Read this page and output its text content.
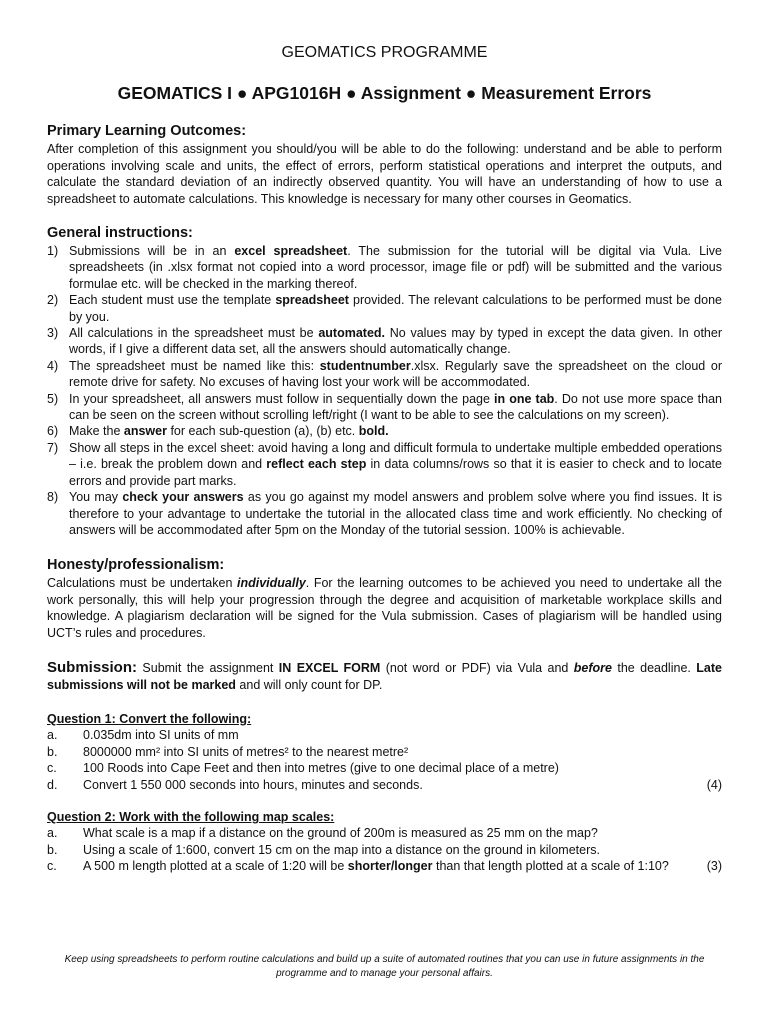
GEOMATICS PROGRAMME
GEOMATICS I ● APG1016H ● Assignment ● Measurement Errors
Primary Learning Outcomes:
After completion of this assignment you should/you will be able to do the following: understand and be able to perform operations involving scale and units, the effect of errors, perform statistical operations and interpret the outputs, and calculate the standard deviation of an indirectly observed quantity. You will have an understanding of how to use a spreadsheet to automate calculations. This knowledge is necessary for many other courses in Geomatics.
General instructions:
1) Submissions will be in an excel spreadsheet. The submission for the tutorial will be digital via Vula. Live spreadsheets (in .xlsx format not copied into a word processor, image file or pdf) will be submitted and the various formulae etc. will be checked in the marking thereof.
2) Each student must use the template spreadsheet provided. The relevant calculations to be performed must be done by you.
3) All calculations in the spreadsheet must be automated. No values may by typed in except the data given. In other words, if I give a different data set, all the answers should automatically change.
4) The spreadsheet must be named like this: studentnumber.xlsx. Regularly save the spreadsheet on the cloud or remote drive for safety. No excuses of having lost your work will be accommodated.
5) In your spreadsheet, all answers must follow in sequentially down the page in one tab. Do not use more space than can be seen on the screen without scrolling left/right (I want to be able to see the calculations on my screen).
6) Make the answer for each sub-question (a), (b) etc. bold.
7) Show all steps in the excel sheet: avoid having a long and difficult formula to undertake multiple embedded operations – i.e. break the problem down and reflect each step in data columns/rows so that it is easier to check and to locate errors and provide part marks.
8) You may check your answers as you go against my model answers and problem solve where you find issues. It is therefore to your advantage to undertake the tutorial in the allocated class time and work efficiently. No checking of answers will be accommodated after 5pm on the Monday of the tutorial session. 100% is achievable.
Honesty/professionalism:
Calculations must be undertaken individually. For the learning outcomes to be achieved you need to undertake all the work personally, this will help your progression through the degree and acquisition of marketable workplace skills and knowledge. A plagiarism declaration will be signed for the Vula submission. Cases of plagiarism will be handled using UCT’s rules and procedures.
Submission: Submit the assignment IN EXCEL FORM (not word or PDF) via Vula and before the deadline. Late submissions will not be marked and will only count for DP.
Question 1: Convert the following:
a. 0.035dm into SI units of mm
b. 8000000 mm² into SI units of metres² to the nearest metre²
c. 100 Roods into Cape Feet and then into metres (give to one decimal place of a metre)
d. Convert 1 550 000 seconds into hours, minutes and seconds.	(4)
Question 2: Work with the following map scales:
a. What scale is a map if a distance on the ground of 200m is measured as 25 mm on the map?
b. Using a scale of 1:600, convert 15 cm on the map into a distance on the ground in kilometers.
c. A 500 m length plotted at a scale of 1:20 will be shorter/longer than that length plotted at a scale of 1:10?	(3)
Keep using spreadsheets to perform routine calculations and build up a suite of automated routines that you can use in future assignments in the programme and to manage your personal affairs.
